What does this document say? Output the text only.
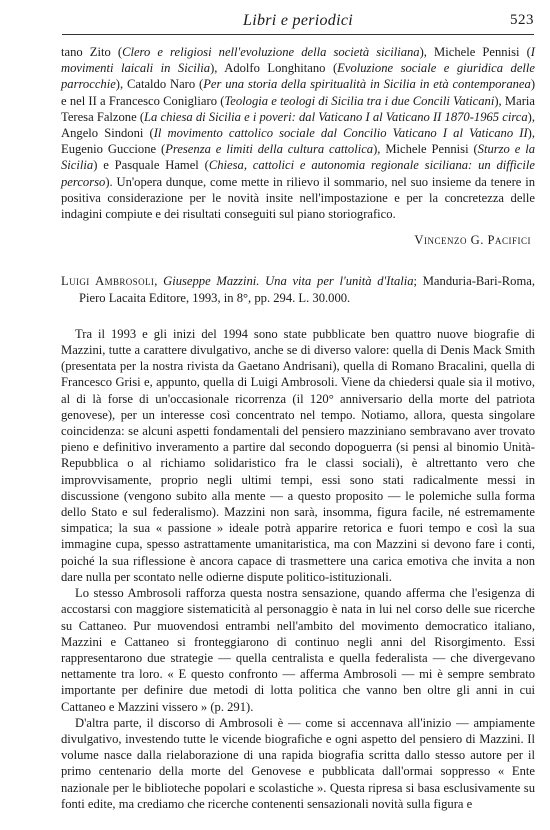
Libri e periodici	523

tano Zito (Clero e religiosi nell'evoluzione della società siciliana), Michele Pennisi (I movimenti laicali in Sicilia), Adolfo Longhitano (Evoluzione sociale e giuridica delle parrocchie), Cataldo Naro (Per una storia della spiritualità in Sicilia in età contemporanea) e nel II a Francesco Conigliaro (Teologia e teologi di Sicilia tra i due Concili Vaticani), Maria Teresa Falzone (La chiesa di Sicilia e i poveri: dal Vaticano I al Vaticano II 1870-1965 circa), Angelo Sindoni (Il movimento cattolico sociale dal Concilio Vaticano I al Vaticano II), Eugenio Guccione (Presenza e limiti della cultura cattolica), Michele Pennisi (Sturzo e la Sicilia) e Pasquale Hamel (Chiesa, cattolici e autonomia regionale siciliana: un difficile percorso). Un'opera dunque, come mette in rilievo il sommario, nel suo insieme da tenere in positiva considerazione per le novità insite nell'impostazione e per la concretezza delle indagini compiute e dei risultati conseguiti sul piano storiografico.

Vincenzo G. Pacifici

Luigi Ambrosoli, Giuseppe Mazzini. Una vita per l'unità d'Italia; Manduria-Bari-Roma, Piero Lacaita Editore, 1993, in 8°, pp. 294. L. 30.000.

Tra il 1993 e gli inizi del 1994 sono state pubblicate ben quattro nuove biografie di Mazzini, tutte a carattere divulgativo, anche se di diverso valore: quella di Denis Mack Smith (presentata per la nostra rivista da Gaetano Andrisani), quella di Romano Bracalini, quella di Francesco Grisi e, appunto, quella di Luigi Ambrosoli. Viene da chiedersi quale sia il motivo, al di là forse di un'occasionale ricorrenza (il 120° anniversario della morte del patriota genovese), per un interesse così concentrato nel tempo. Notiamo, allora, questa singolare coincidenza: se alcuni aspetti fondamentali del pensiero mazziniano sembravano aver trovato pieno e definitivo inveramento a partire dal secondo dopoguerra (si pensi al binomio Unità-Repubblica o al richiamo solidaristico fra le classi sociali), è altrettanto vero che improvvisamente, proprio negli ultimi tempi, essi sono stati radicalmente messi in discussione (vengono subito alla mente — a questo proposito — le polemiche sulla forma dello Stato e sul federalismo). Mazzini non sarà, insomma, figura facile, né estremamente simpatica; la sua « passione » ideale potrà apparire retorica e fuori tempo e così la sua immagine cupa, spesso astrattamente umanitaristica, ma con Mazzini si devono fare i conti, poiché la sua riflessione è ancora capace di trasmettere una carica emotiva che invita a non dare nulla per scontato nelle odierne dispute politico-istituzionali.

Lo stesso Ambrosoli rafforza questa nostra sensazione, quando afferma che l'esigenza di accostarsi con maggiore sistematicità al personaggio è nata in lui nel corso delle sue ricerche su Cattaneo. Pur muovendosi entrambi nell'ambito del movimento democratico italiano, Mazzini e Cattaneo si fronteggiarono di continuo negli anni del Risorgimento. Essi rappresentarono due strategie — quella centralista e quella federalista — che divergevano nettamente tra loro. « E questo confronto — afferma Ambrosoli — mi è sempre sembrato importante per definire due metodi di lotta politica che vanno ben oltre gli anni in cui Cattaneo e Mazzini vissero » (p. 291).

D'altra parte, il discorso di Ambrosoli è — come si accennava all'inizio — ampiamente divulgativo, investendo tutte le vicende biografiche e ogni aspetto del pensiero di Mazzini. Il volume nasce dalla rielaborazione di una rapida biografia scritta dallo stesso autore per il primo centenario della morte del Genovese e pubblicata dall'ormai soppresso « Ente nazionale per le biblioteche popolari e scolastiche ». Questa ripresa si basa esclusivamente su fonti edite, ma crediamo che ricerche contenenti sensazionali novità sulla figura e
